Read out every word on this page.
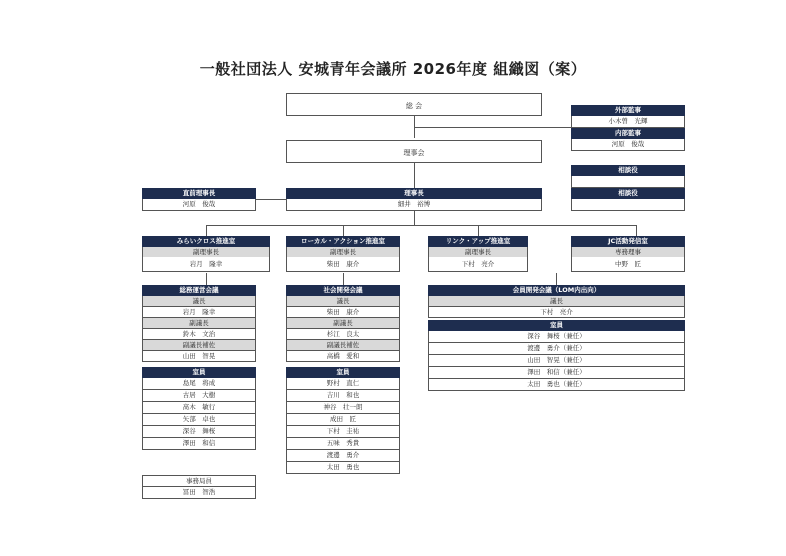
一般社団法人 安城青年会議所 2026年度 組織図（案）
総 会
理事会
外部監事
小木曽　光輝
内部監事
河原　俊哉
相談役
相談役
理事長
細井　裕博
直前理事長
河原　俊哉
みらいクロス推進室
副理事長
岩月　隆幸
ローカル・アクション推進室
副理事長
柴田　康介
リンク・アップ推進室
副理事長
下村　亮介
JC活動発信室
専務理事
中野　匠
総務運営会議
議長
岩月　隆幸
副議長
鈴木　文治
副議長補佐
山田　智晃
室員
島尾　将成
古居　大樹
髙木　敏行
矢部　卓也
深谷　舞桜
澤田　和信
社会開発会議
議長
柴田　康介
副議長
杉江　良太
副議長補佐
高橋　愛和
室員
野村　直仁
吉川　和也
神谷　壮一朗
成田　匠
下村　圭祐
五味　秀貴
渡邊　勇介
太田　勇也
会員開発会議（LOM内出向）
議長
下村　亮介
室員
深谷　舞桜（兼任）
渡邊　勇介（兼任）
山田　智晃（兼任）
澤田　和信（兼任）
太田　勇也（兼任）
事務局員
冨田　智浩
